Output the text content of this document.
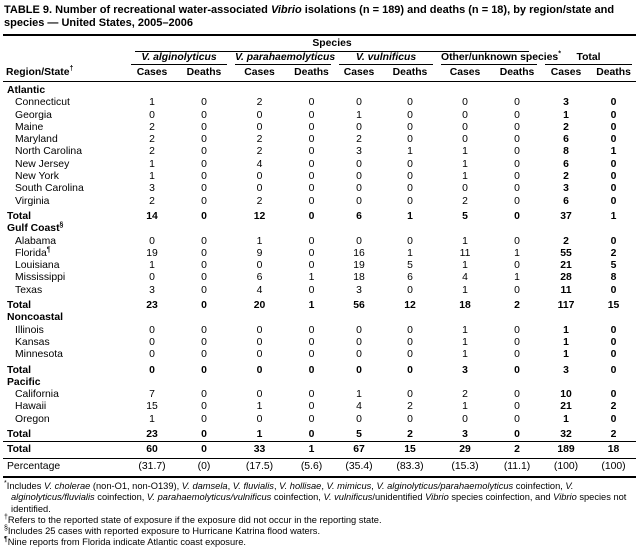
TABLE 9. Number of recreational water-associated Vibrio isolations (n = 189) and deaths (n = 18), by region/state and species — United States, 2005–2006

	Species									

	V. alginolyticus		V. parahaemolyticus		V. vulnificus		Other/unknown species*		Total	

Region/State†	Cases	Deaths	Cases	Deaths	Cases	Deaths	Cases	Deaths	Cases	Deaths
Atlantic										
Connecticut	1	0	2	0	0	0	0	0	3	0
Georgia	0	0	0	0	1	0	0	0	1	0
Maine	2	0	0	0	0	0	0	0	2	0
Maryland	2	0	2	0	2	0	0	0	6	0
North Carolina	2	0	2	0	3	1	1	0	8	1
New Jersey	1	0	4	0	0	0	1	0	6	0
New York	1	0	0	0	0	0	1	0	2	0
South Carolina	3	0	0	0	0	0	0	0	3	0
Virginia	2	0	2	0	0	0	2	0	6	0
Total	14	0	12	0	6	1	5	0	37	1
Gulf Coast§
Alabama	0	0	1	0	0	0	1	0	2	0
Florida¶	19	0	9	0	16	1	11	1	55	2
Louisiana	1	0	0	0	19	5	1	0	21	5
Mississippi	0	0	6	1	18	6	4	1	28	8
Texas	3	0	4	0	3	0	1	0	11	0
Total	23	0	20	1	56	12	18	2	117	15
Noncoastal										
Illinois	0	0	0	0	0	0	1	0	1	0
Kansas	0	0	0	0	0	0	1	0	1	0
Minnesota	0	0	0	0	0	0	1	0	1	0
Total	0	0	0	0	0	0	3	0	3	0
Pacific										
California	7	0	0	0	1	0	2	0	10	0
Hawaii	15	0	1	0	4	2	1	0	21	2
Oregon	1	0	0	0	0	0	0	0	1	0
Total	23	0	1	0	5	2	3	0	32	2
Total	60	0	33	1	67	15	29	2	189	18
Percentage	(31.7)	(0)	(17.5)	(5.6)	(35.4)	(83.3)	(15.3)	(11.1)	(100)	(100)
*Includes V. cholerae (non-O1, non-O139), V. damsela, V. fluvialis, V. hollisae, V. mimicus, V. alginolyticus/parahaemolyticus coinfection, V. alginolyticus/fluvialis coinfection, V. parahaemolyticus/vulnificus coinfection, V. vulnificus/unidentified Vibrio species coinfection, and Vibrio species not identified.
†Refers to the reported state of exposure if the exposure did not occur in the reporting state.
§Includes 25 cases with reported exposure to Hurricane Katrina flood waters.
¶Nine reports from Florida indicate Atlantic coast exposure.
